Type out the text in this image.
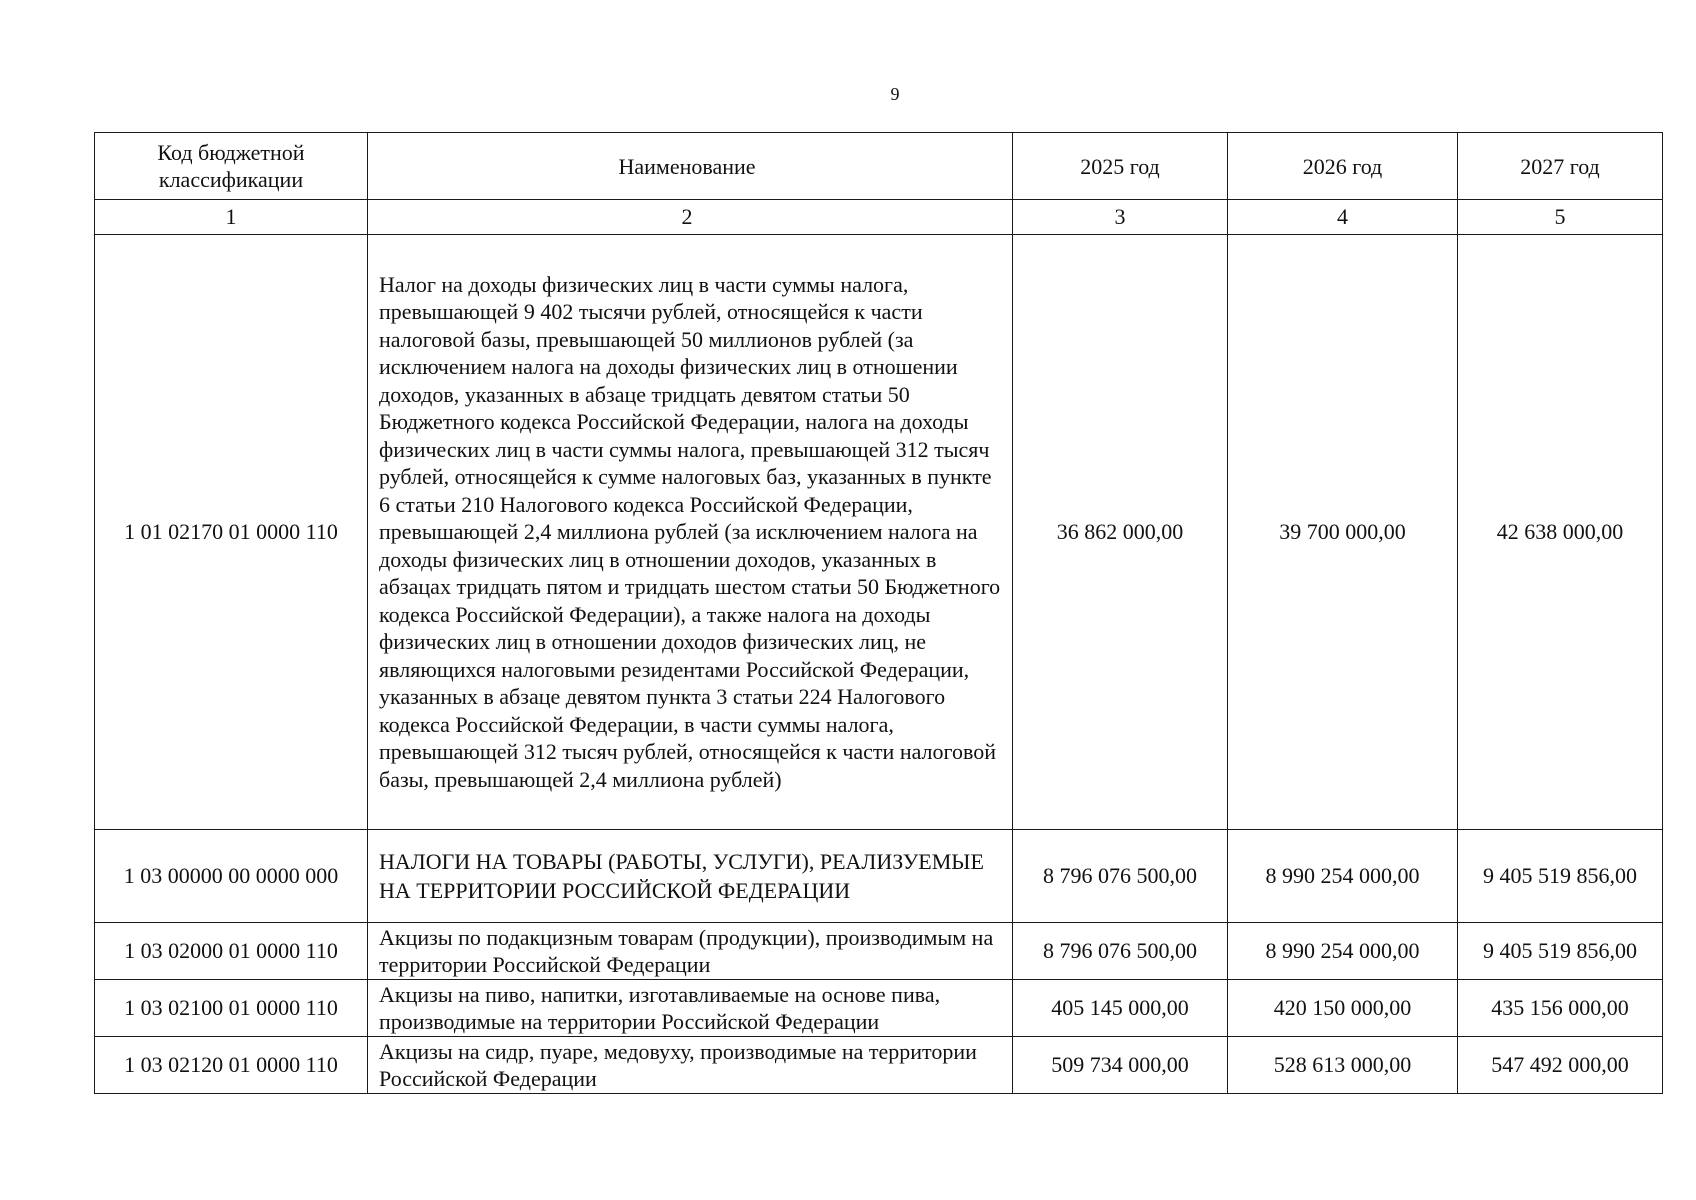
9
Код бюджетной классификации	Наименование	2025 год	2026 год	2027 год
1	2	3	4	5
1 01 02170 01 0000 110	Налог на доходы физических лиц в части суммы налога, превышающей 9 402 тысячи рублей, относящейся к части налоговой базы, превышающей 50 миллионов рублей (за исключением налога на доходы физических лиц в отношении доходов, указанных в абзаце тридцать девятом статьи 50 Бюджетного кодекса Российской Федерации, налога на доходы физических лиц в части суммы налога, превышающей 312 тысяч рублей, относящейся к сумме налоговых баз, указанных в пункте 6 статьи 210 Налогового кодекса Российской Федерации, превышающей 2,4 миллиона рублей (за исключением налога на доходы физических лиц в отношении доходов, указанных в абзацах тридцать пятом и тридцать шестом статьи 50 Бюджетного кодекса Российской Федерации), а также налога на доходы физических лиц в отношении доходов физических лиц, не являющихся налоговыми резидентами Российской Федерации, указанных в абзаце девятом пункта 3 статьи 224 Налогового кодекса Российской Федерации, в части суммы налога, превышающей 312 тысяч рублей, относящейся к части налоговой базы, превышающей 2,4 миллиона рублей)	36 862 000,00	39 700 000,00	42 638 000,00
1 03 00000 00 0000 000	НАЛОГИ НА ТОВАРЫ (РАБОТЫ, УСЛУГИ), РЕАЛИЗУЕМЫЕ НА ТЕРРИТОРИИ РОССИЙСКОЙ ФЕДЕРАЦИИ	8 796 076 500,00	8 990 254 000,00	9 405 519 856,00
1 03 02000 01 0000 110	Акцизы по подакцизным товарам (продукции), производимым на территории Российской Федерации	8 796 076 500,00	8 990 254 000,00	9 405 519 856,00
1 03 02100 01 0000 110	Акцизы на пиво, напитки, изготавливаемые на основе пива, производимые на территории Российской Федерации	405 145 000,00	420 150 000,00	435 156 000,00
1 03 02120 01 0000 110	Акцизы на сидр, пуаре, медовуху, производимые на территории Российской Федерации	509 734 000,00	528 613 000,00	547 492 000,00
